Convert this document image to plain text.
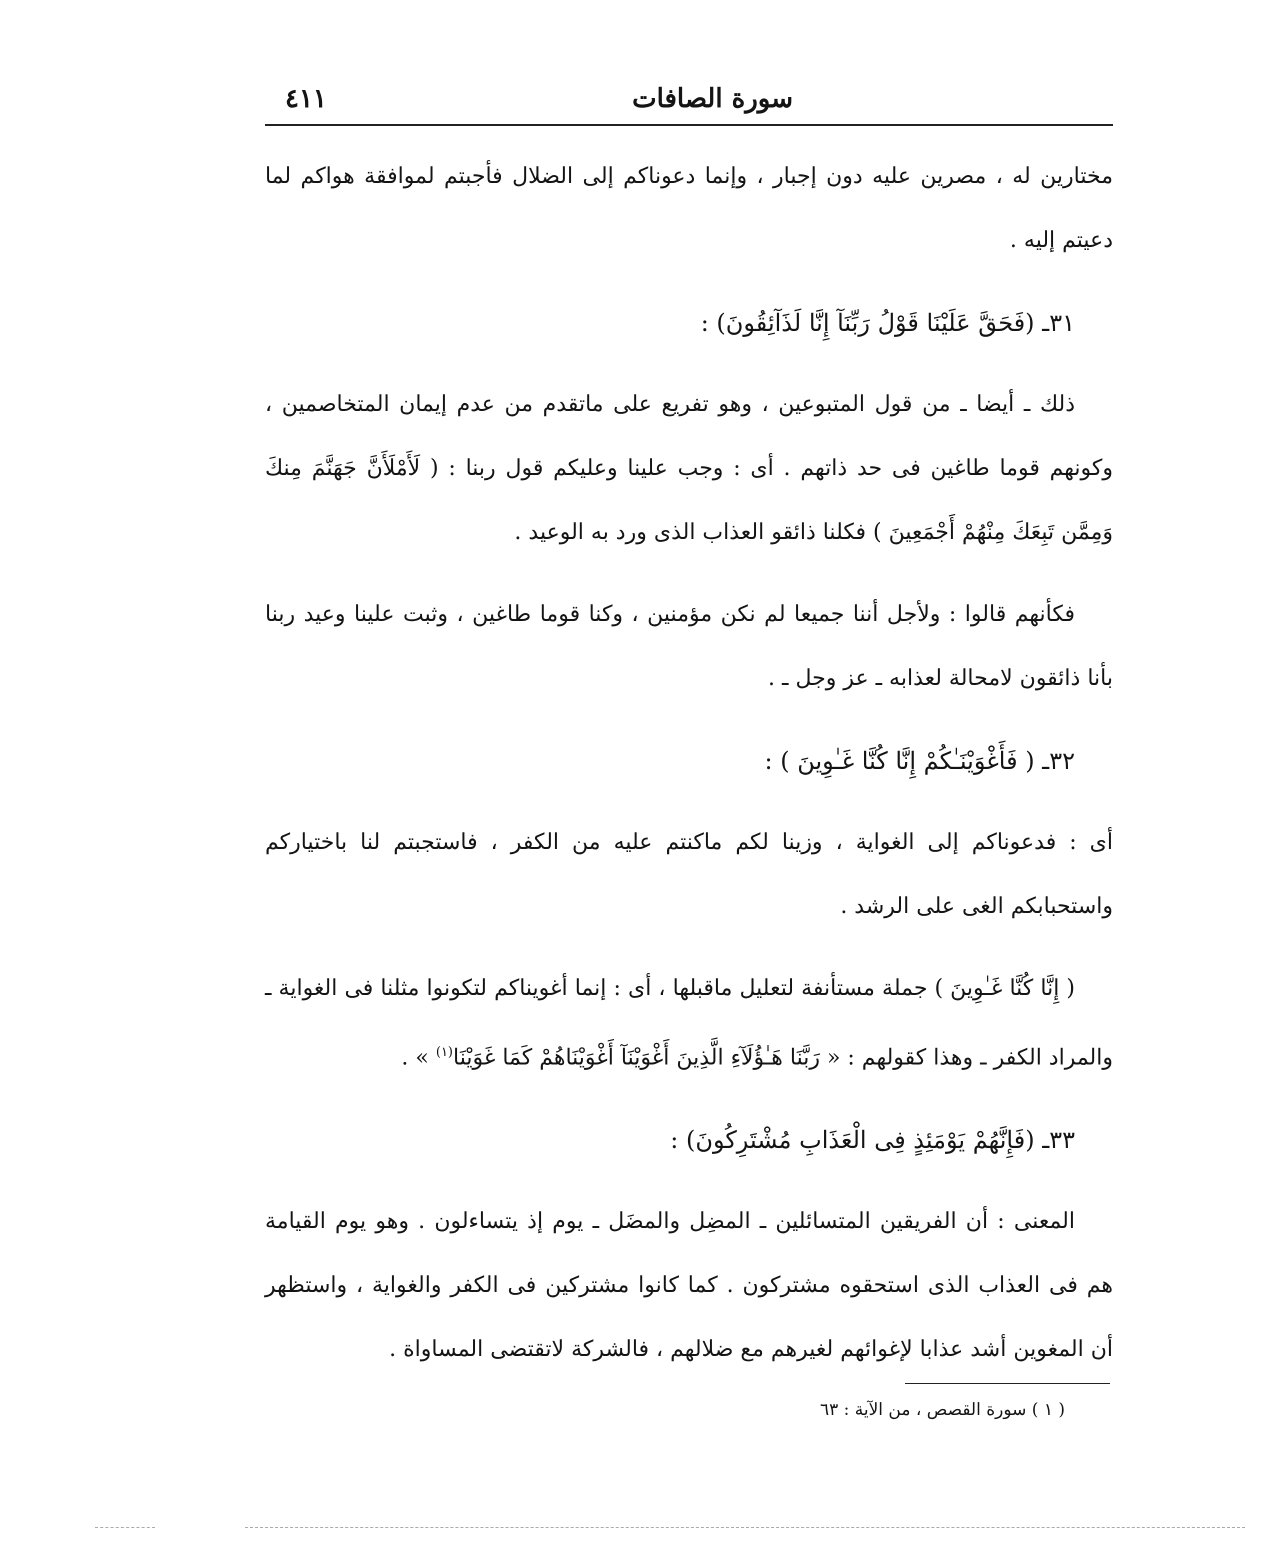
سورة الصافات
٤١١

مختارين له ، مصرين عليه دون إجبار ، وإنما دعوناكم إلى الضلال فأجبتم لموافقة هواكم لما دعيتم إليه .

٣١ـ (فَحَقَّ عَلَيْنَا قَوْلُ رَبِّنَآ إِنَّا لَذَآئِقُونَ) :

ذلك ـ أيضا ـ من قول المتبوعين ، وهو تفريع على ماتقدم من عدم إيمان المتخاصمين ، وكونهم قوما طاغين فى حد ذاتهم . أى : وجب علينا وعليكم قول ربنا : ( لَأَمْلَأَنَّ جَهَنَّمَ مِنكَ وَمِمَّن تَبِعَكَ مِنْهُمْ أَجْمَعِينَ ) فكلنا ذائقو العذاب الذى ورد به الوعيد .

فكأنهم قالوا : ولأجل أننا جميعا لم نكن مؤمنين ، وكنا قوما طاغين ، وثبت علينا وعيد ربنا بأنا ذائقون لامحالة لعذابه ـ عز وجل ـ .

٣٢ـ ( فَأَغْوَيْنَـٰكُمْ إِنَّا كُنَّا غَـٰوِينَ ) :

أى : فدعوناكم إلى الغواية ، وزينا لكم ماكنتم عليه من الكفر ، فاستجبتم لنا باختياركم واستحبابكم الغى على الرشد .

( إِنَّا كُنَّا غَـٰوِينَ ) جملة مستأنفة لتعليل ماقبلها ، أى : إنما أغويناكم لتكونوا مثلنا فى الغواية ـ والمراد الكفر ـ وهذا كقولهم : « رَبَّنَا هَـٰؤُلَآءِ الَّذِينَ أَغْوَيْنَآ أَغْوَيْنَاهُمْ كَمَا غَوَيْنَا$^{(١)}$ » .

٣٣ـ (فَإِنَّهُمْ يَوْمَئِذٍ فِى الْعَذَابِ مُشْتَرِكُونَ) :

المعنى : أن الفريقين المتسائلين ـ المضِل والمضَل ـ يوم إذ يتساءلون . وهو يوم القيامة هم فى العذاب الذى استحقوه مشتركون . كما كانوا مشتركين فى الكفر والغواية ، واستظهر أن المغوين أشد عذابا لإغوائهم لغيرهم مع ضلالهم ، فالشركة لاتقتضى المساواة .

( ١ ) سورة القصص ، من الآية : ٦٣
